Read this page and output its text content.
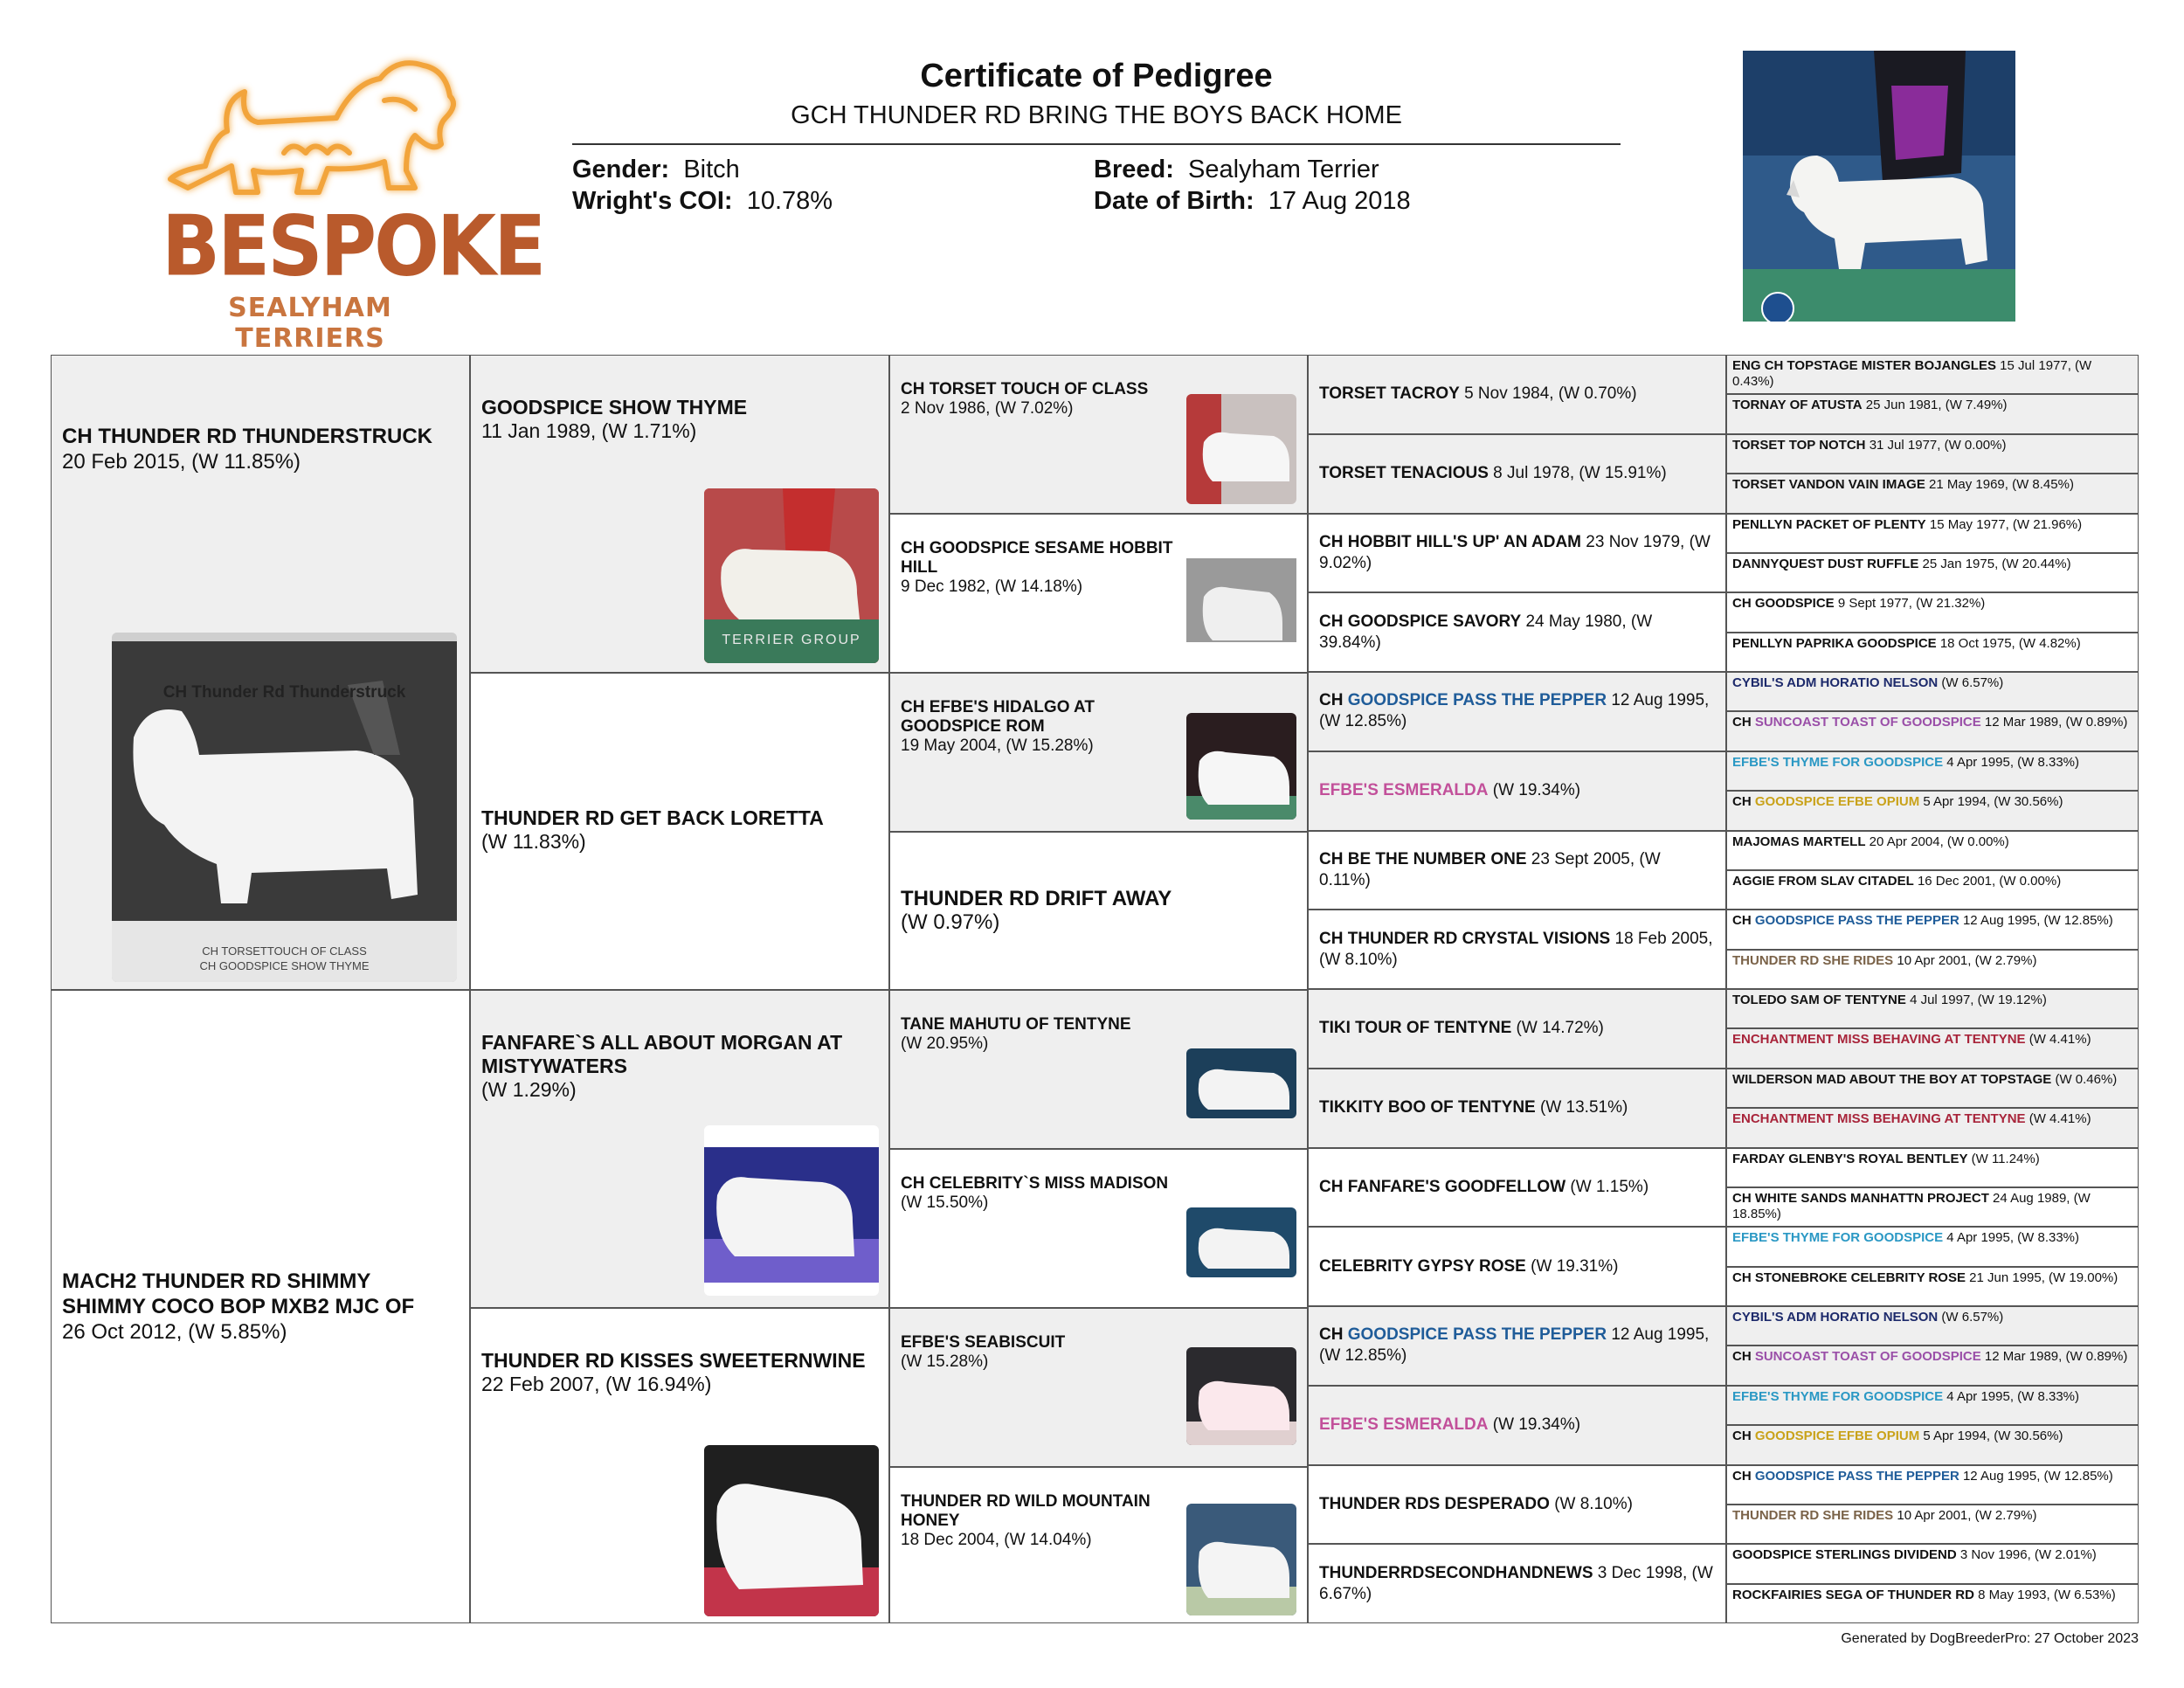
BESPOKE
SEALYHAM TERRIERS
Certificate of Pedigree
GCH THUNDER RD BRING THE BOYS BACK HOME
Gender: Bitch
Wright's COI: 10.78%
Breed: Sealyham Terrier
Date of Birth: 17 Aug 2018
CH THUNDER RD THUNDERSTRUCK
20 Feb 2015, (W 11.85%)
MACH2 THUNDER RD SHIMMY SHIMMY COCO BOP MXB2 MJC OF
26 Oct 2012, (W 5.85%)
GOODSPICE SHOW THYME
11 Jan 1989, (W 1.71%)
THUNDER RD GET BACK LORETTA
(W 11.83%)
FANFARE`S ALL ABOUT MORGAN AT MISTYWATERS
(W 1.29%)
THUNDER RD KISSES SWEETERNWINE
22 Feb 2007, (W 16.94%)
CH TORSET TOUCH OF CLASS
2 Nov 1986, (W 7.02%)
CH GOODSPICE SESAME HOBBIT HILL
9 Dec 1982, (W 14.18%)
CH EFBE'S HIDALGO AT GOODSPICE ROM
19 May 2004, (W 15.28%)
THUNDER RD DRIFT AWAY
(W 0.97%)
TANE MAHUTU OF TENTYNE
(W 20.95%)
CH CELEBRITY`S MISS MADISON
(W 15.50%)
EFBE'S SEABISCUIT
(W 15.28%)
THUNDER RD WILD MOUNTAIN HONEY
18 Dec 2004, (W 14.04%)
TORSET TACROY 5 Nov 1984, (W 0.70%)
TORSET TENACIOUS 8 Jul 1978, (W 15.91%)
CH HOBBIT HILL'S UP' AN ADAM 23 Nov 1979, (W 9.02%)
CH GOODSPICE SAVORY 24 May 1980, (W 39.84%)
CH GOODSPICE PASS THE PEPPER 12 Aug 1995, (W 12.85%)
EFBE'S ESMERALDA (W 19.34%)
CH BE THE NUMBER ONE 23 Sept 2005, (W 0.11%)
CH THUNDER RD CRYSTAL VISIONS 18 Feb 2005, (W 8.10%)
TIKI TOUR OF TENTYNE (W 14.72%)
TIKKITY BOO OF TENTYNE (W 13.51%)
CH FANFARE'S GOODFELLOW (W 1.15%)
CELEBRITY GYPSY ROSE (W 19.31%)
CH GOODSPICE PASS THE PEPPER 12 Aug 1995, (W 12.85%)
EFBE'S ESMERALDA (W 19.34%)
THUNDER RDS DESPERADO (W 8.10%)
THUNDERRDSECONDHANDNEWS 3 Dec 1998, (W 6.67%)
ENG CH TOPSTAGE MISTER BOJANGLES 15 Jul 1977, (W 0.43%)
TORNAY OF ATUSTA 25 Jun 1981, (W 7.49%)
TORSET TOP NOTCH 31 Jul 1977, (W 0.00%)
TORSET VANDON VAIN IMAGE 21 May 1969, (W 8.45%)
PENLLYN PACKET OF PLENTY 15 May 1977, (W 21.96%)
DANNYQUEST DUST RUFFLE 25 Jan 1975, (W 20.44%)
CH GOODSPICE 9 Sept 1977, (W 21.32%)
PENLLYN PAPRIKA GOODSPICE 18 Oct 1975, (W 4.82%)
CYBIL'S ADM HORATIO NELSON (W 6.57%)
CH SUNCOAST TOAST OF GOODSPICE 12 Mar 1989, (W 0.89%)
EFBE'S THYME FOR GOODSPICE 4 Apr 1995, (W 8.33%)
CH GOODSPICE EFBE OPIUM 5 Apr 1994, (W 30.56%)
MAJOMAS MARTELL 20 Apr 2004, (W 0.00%)
AGGIE FROM SLAV CITADEL 16 Dec 2001, (W 0.00%)
CH GOODSPICE PASS THE PEPPER 12 Aug 1995, (W 12.85%)
THUNDER RD SHE RIDES 10 Apr 2001, (W 2.79%)
TOLEDO SAM OF TENTYNE 4 Jul 1997, (W 19.12%)
ENCHANTMENT MISS BEHAVING AT TENTYNE (W 4.41%)
WILDERSON MAD ABOUT THE BOY AT TOPSTAGE (W 0.46%)
ENCHANTMENT MISS BEHAVING AT TENTYNE (W 4.41%)
FARDAY GLENBY'S ROYAL BENTLEY (W 11.24%)
CH WHITE SANDS MANHATTN PROJECT 24 Aug 1989, (W 18.85%)
EFBE'S THYME FOR GOODSPICE 4 Apr 1995, (W 8.33%)
CH STONEBROKE CELEBRITY ROSE 21 Jun 1995, (W 19.00%)
CYBIL'S ADM HORATIO NELSON (W 6.57%)
CH SUNCOAST TOAST OF GOODSPICE 12 Mar 1989, (W 0.89%)
EFBE'S THYME FOR GOODSPICE 4 Apr 1995, (W 8.33%)
CH GOODSPICE EFBE OPIUM 5 Apr 1994, (W 30.56%)
CH GOODSPICE PASS THE PEPPER 12 Aug 1995, (W 12.85%)
THUNDER RD SHE RIDES 10 Apr 2001, (W 2.79%)
GOODSPICE STERLINGS DIVIDEND 3 Nov 1996, (W 2.01%)
ROCKFAIRIES SEGA OF THUNDER RD 8 May 1993, (W 6.53%)
CH Thunder Rd Thunderstruck
CH TORSETTOUCH OF CLASS
CH GOODSPICE SHOW THYME
TERRIER GROUP
Generated by DogBreederPro: 27 October 2023
